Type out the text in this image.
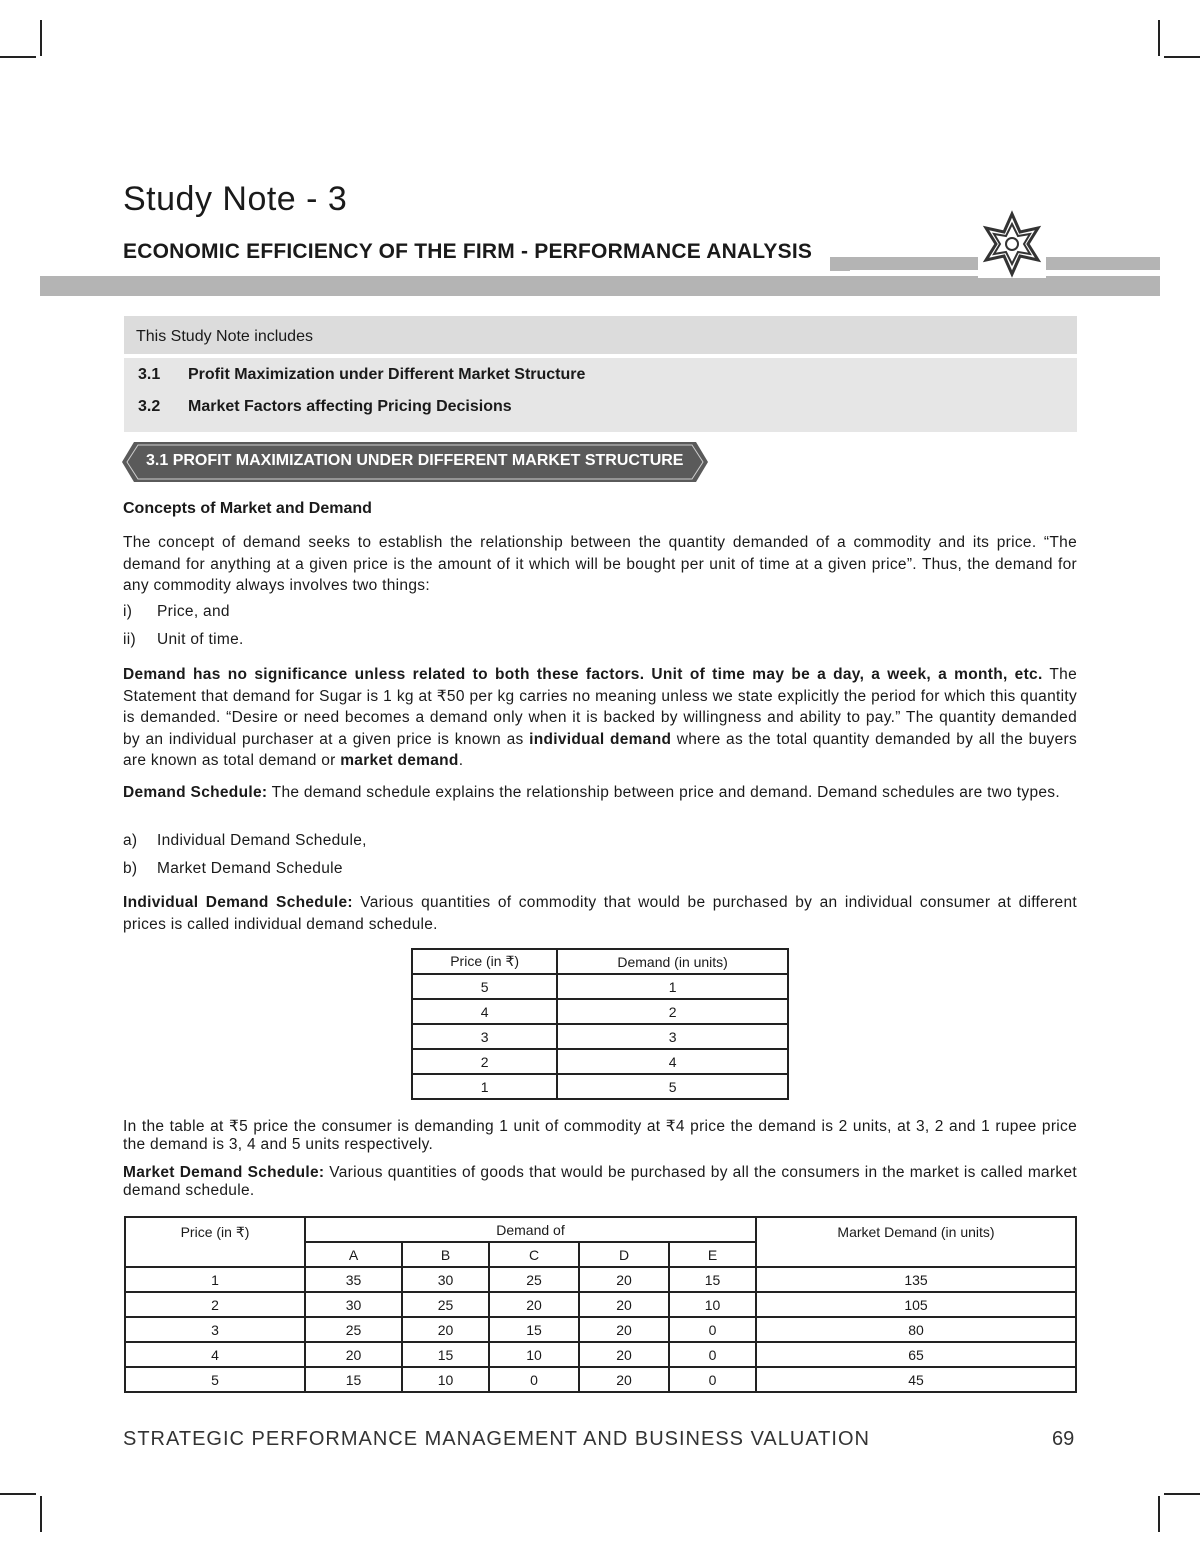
Study Note - 3
ECONOMIC EFFICIENCY OF THE FIRM - PERFORMANCE ANALYSIS
This Study Note includes
3.1 Profit Maximization under Different Market Structure
3.2 Market Factors affecting Pricing Decisions
3.1 PROFIT MAXIMIZATION UNDER DIFFERENT MARKET STRUCTURE
Concepts of Market and Demand
The concept of demand seeks to establish the relationship between the quantity demanded of a commodity and its price. “The demand for anything at a given price is the amount of it which will be bought per unit of time at a given price”. Thus, the demand for any commodity always involves two things:
i) Price, and
ii) Unit of time.
Demand has no significance unless related to both these factors. Unit of time may be a day, a week, a month, etc. The Statement that demand for Sugar is 1 kg at ₹50 per kg carries no meaning unless we state explicitly the period for which this quantity is demanded. “Desire or need becomes a demand only when it is backed by willingness and ability to pay.” The quantity demanded by an individual purchaser at a given price is known as individual demand where as the total quantity demanded by all the buyers are known as total demand or market demand.
Demand Schedule: The demand schedule explains the relationship between price and demand. Demand schedules are two types.
a) Individual Demand Schedule,
b) Market Demand Schedule
Individual Demand Schedule: Various quantities of commodity that would be purchased by an individual consumer at different prices is called individual demand schedule.
Price (in ₹)	Demand (in units)
5	1
4	2
3	3
2	4
1	5
In the table at ₹5 price the consumer is demanding 1 unit of commodity at ₹4 price the demand is 2 units, at 3, 2 and 1 rupee price the demand is 3, 4 and 5 units respectively.
Market Demand Schedule: Various quantities of goods that would be purchased by all the consumers in the market is called market demand schedule.
Price (in ₹)	Demand of					Market Demand (in units)
	A	B	C	D	E	
1	35	30	25	20	15	135
2	30	25	20	20	10	105
3	25	20	15	20	0	80
4	20	15	10	20	0	65
5	15	10	0	20	0	45
STRATEGIC PERFORMANCE MANAGEMENT AND BUSINESS VALUATION	69
